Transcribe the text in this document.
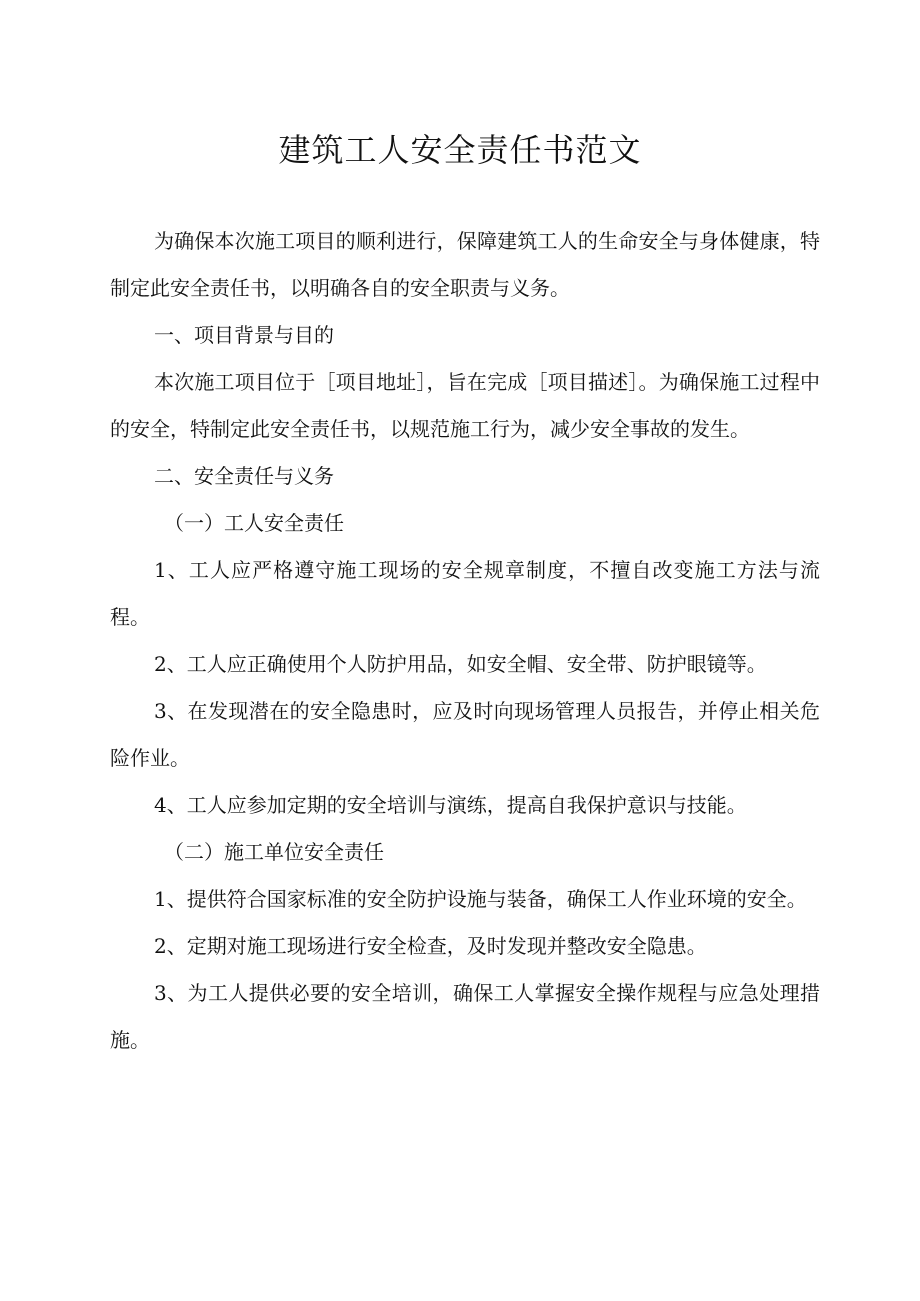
建筑工人安全责任书范文

为确保本次施工项目的顺利进行，保障建筑工人的生命安全与身体健康，特制定此安全责任书，以明确各自的安全职责与义务。

一、项目背景与目的

本次施工项目位于［项目地址］，旨在完成［项目描述］。为确保施工过程中的安全，特制定此安全责任书，以规范施工行为，减少安全事故的发生。

二、安全责任与义务

（一）工人安全责任

1、工人应严格遵守施工现场的安全规章制度，不擅自改变施工方法与流程。

2、工人应正确使用个人防护用品，如安全帽、安全带、防护眼镜等。

3、在发现潜在的安全隐患时，应及时向现场管理人员报告，并停止相关危险作业。

4、工人应参加定期的安全培训与演练，提高自我保护意识与技能。

（二）施工单位安全责任

1、提供符合国家标准的安全防护设施与装备，确保工人作业环境的安全。

2、定期对施工现场进行安全检查，及时发现并整改安全隐患。

3、为工人提供必要的安全培训，确保工人掌握安全操作规程与应急处理措施。
